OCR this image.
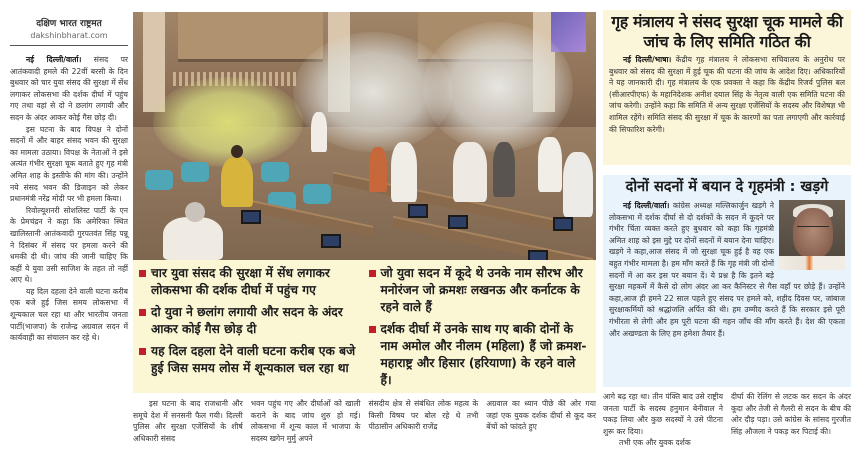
दक्षिण भारत राष्ट्रमत
dakshinbharat.com

नई दिल्ली/वार्ता। संसद पर आतंकवादी हमले की 22वीं बरसी के दिन बुधवार को चार युवा संसद की सुरक्षा में सेंध लगाकर लोकसभा की दर्शक दीर्घा में पहुंच गए तथा वहां से दो ने छलांग लगायी और सदन के अंदर आकर कोई गैस छोड़ दी।

इस घटना के बाद विपक्ष ने दोनों सदनों में और बाहर संसद भवन की सुरक्षा का मामला उठाया। विपक्ष के नेताओं ने इसे अत्यंत गंभीर सुरक्षा चूक बताते हुए गृह मंत्री अमित शाह के इस्तीफे की मांग की। उन्होंने नये संसद भवन की डिजाइन को लेकर प्रधानमंत्री नरेंद्र मोदी पर भी हमला किया।

रिवोल्यूशनरी सोशलिस्ट पार्टी के एन के प्रेमचंद्रन ने कहा कि अमेरिका स्थित खालिस्तानी आतंकवादी गुरपतवंत सिंह पन्नू ने दिसंबर में संसद पर हमला करने की धमकी दी थी। जांच की जानी चाहिए कि कहीं ये युवा उसी साजिश के तहत तो नहीं आए थे।

यह दिल दहला देने वाली घटना करीब एक बजे हुई जिस समय लोकसभा में शून्यकाल चल रहा था और भारतीय जनता पार्टी(भाजपा) के राजेन्द्र अग्रवाल सदन में कार्यवाही का संचालन कर रहे थे।

चार युवा संसद की सुरक्षा में सेंध लगाकर लोकसभा की दर्शक दीर्घा में पहुंच गए
दो युवा ने छलांग लगायी और सदन के अंदर आकर कोई गैस छोड़ दी
यह दिल दहला देने वाली घटना करीब एक बजे हुई जिस समय लोस में शून्यकाल चल रहा था
जो युवा सदन में कूदे थे उनके नाम सौरभ और मनोरंजन जो क्रमशः लखनऊ और कर्नाटक के रहने वाले हैं
दर्शक दीर्घा में उनके साथ गए बाकी दोनों के नाम अमोल और नीलम (महिला) हैं जो क्रमश- महाराष्ट्र और हिसार (हरियाणा) के रहने वाले हैं।

इस घटना के बाद राजधानी और समूचे देश में सनसनी फैल गयी। दिल्ली पुलिस और सुरक्षा एजेंसियों के शीर्ष अधिकारी संसद

भवन पहुंच गए और दीर्घाओं को खाली कराने के बाद जांच शुरु हो गई। लोकसभा में शून्य काल में भाजपा के सदस्य खगेन मुर्मु अपने

संसदीय क्षेत्र से संबंधित लोक महत्व के किसी विषय पर बोल रहे थे तभी पीठासीन अधिकारी राजेंद्र

अग्रवाल का ध्यान पीछे की ओर गया जहां एक युवक दर्शक दीर्घा से कूद कर बेंचों को फांदते हुए

गृह मंत्रालय ने संसद सुरक्षा चूक मामले की जांच के लिए समिति गठित की
नई दिल्ली/भाषा। केंद्रीय गृह मंत्रालय ने लोकसभा सचिवालय के अनुरोध पर बुधवार को संसद की सुरक्षा में हुई चूक की घटना की जांच के आदेश दिए। अधिकारियों ने यह जानकारी दी। गृह मंत्रालय के एक प्रवक्ता ने कहा कि केंद्रीय रिजर्व पुलिस बल (सीआरपीएफ) के महानिदेशक अनीश दयाल सिंह के नेतृत्व वाली एक समिति घटना की जांच करेगी। उन्होंने कहा कि समिति में अन्य सुरक्षा एजेंसियों के सदस्य और विशेषज्ञ भी शामिल रहेंगे। समिति संसद की सुरक्षा में चूक के कारणों का पता लगाएगी और कार्रवाई की सिफारिश करेगी।
दोनों सदनों में बयान दे गृहमंत्री : खड़गे
नई दिल्ली/वार्ता। कांग्रेस अध्यक्ष मल्लिकार्जुन खड़गे ने लोकसभा में दर्शक दीर्घा से दो दर्शकों के सदन में कूदने पर गंभीर चिंता व्यक्त करते हुए बुधवार को कहा कि गृहमंत्री अमित शाह को इस मुद्दे पर दोनों सदनों में बयान देना चाहिए। खड़गे ने कहा,आज संसद में जो सुरक्षा चूक हुई है वह एक बहुत गंभीर मामला है। हम माँग करते हैं कि गृह मंत्री जी दोनों सदनों में आ कर इस पर बयान दें। ये प्रश्न है कि इतने बड़े सुरक्षा महकमें में कैसे दो लोग अंदर आ कर कैनिस्टर से गैस वहाँ पर छोड़े हैं। उन्होंने कहा,आज ही हमने 22 साल पहले हुए संसद पर हमले को, शहीद दिवस पर, जांबाज सुरक्षाकर्मियों को श्रद्धांजलि अर्पित की थी। हम उम्मीद करते हैं कि सरकार इसे पूरी गंभीरता से लेगी और हम पूरी घटना की गहन जाँच की माँग करते हैं। देश की एकता और अखण्डता के लिए हम हमेशा तैयार हैं।

आगे बढ़ रहा था। तीन पंक्ति बाद उसे राष्ट्रीय जनता पार्टी के सदस्य हनुमान बेनीवाल ने पकड़ लिया और कुछ सदस्यों ने उसे पीटना शुरू कर दिया।

तभी एक और युवक दर्शक

दीर्घा की रेलिंग से लटक कर सदन के अंदर कूदा और तेजी से गैलरी से सदन के बीच की ओर दौड़ पड़ा। उसे कांग्रेस के सांसद गुरजीत सिंह औजला ने पकड़ कर पिटाई की।
